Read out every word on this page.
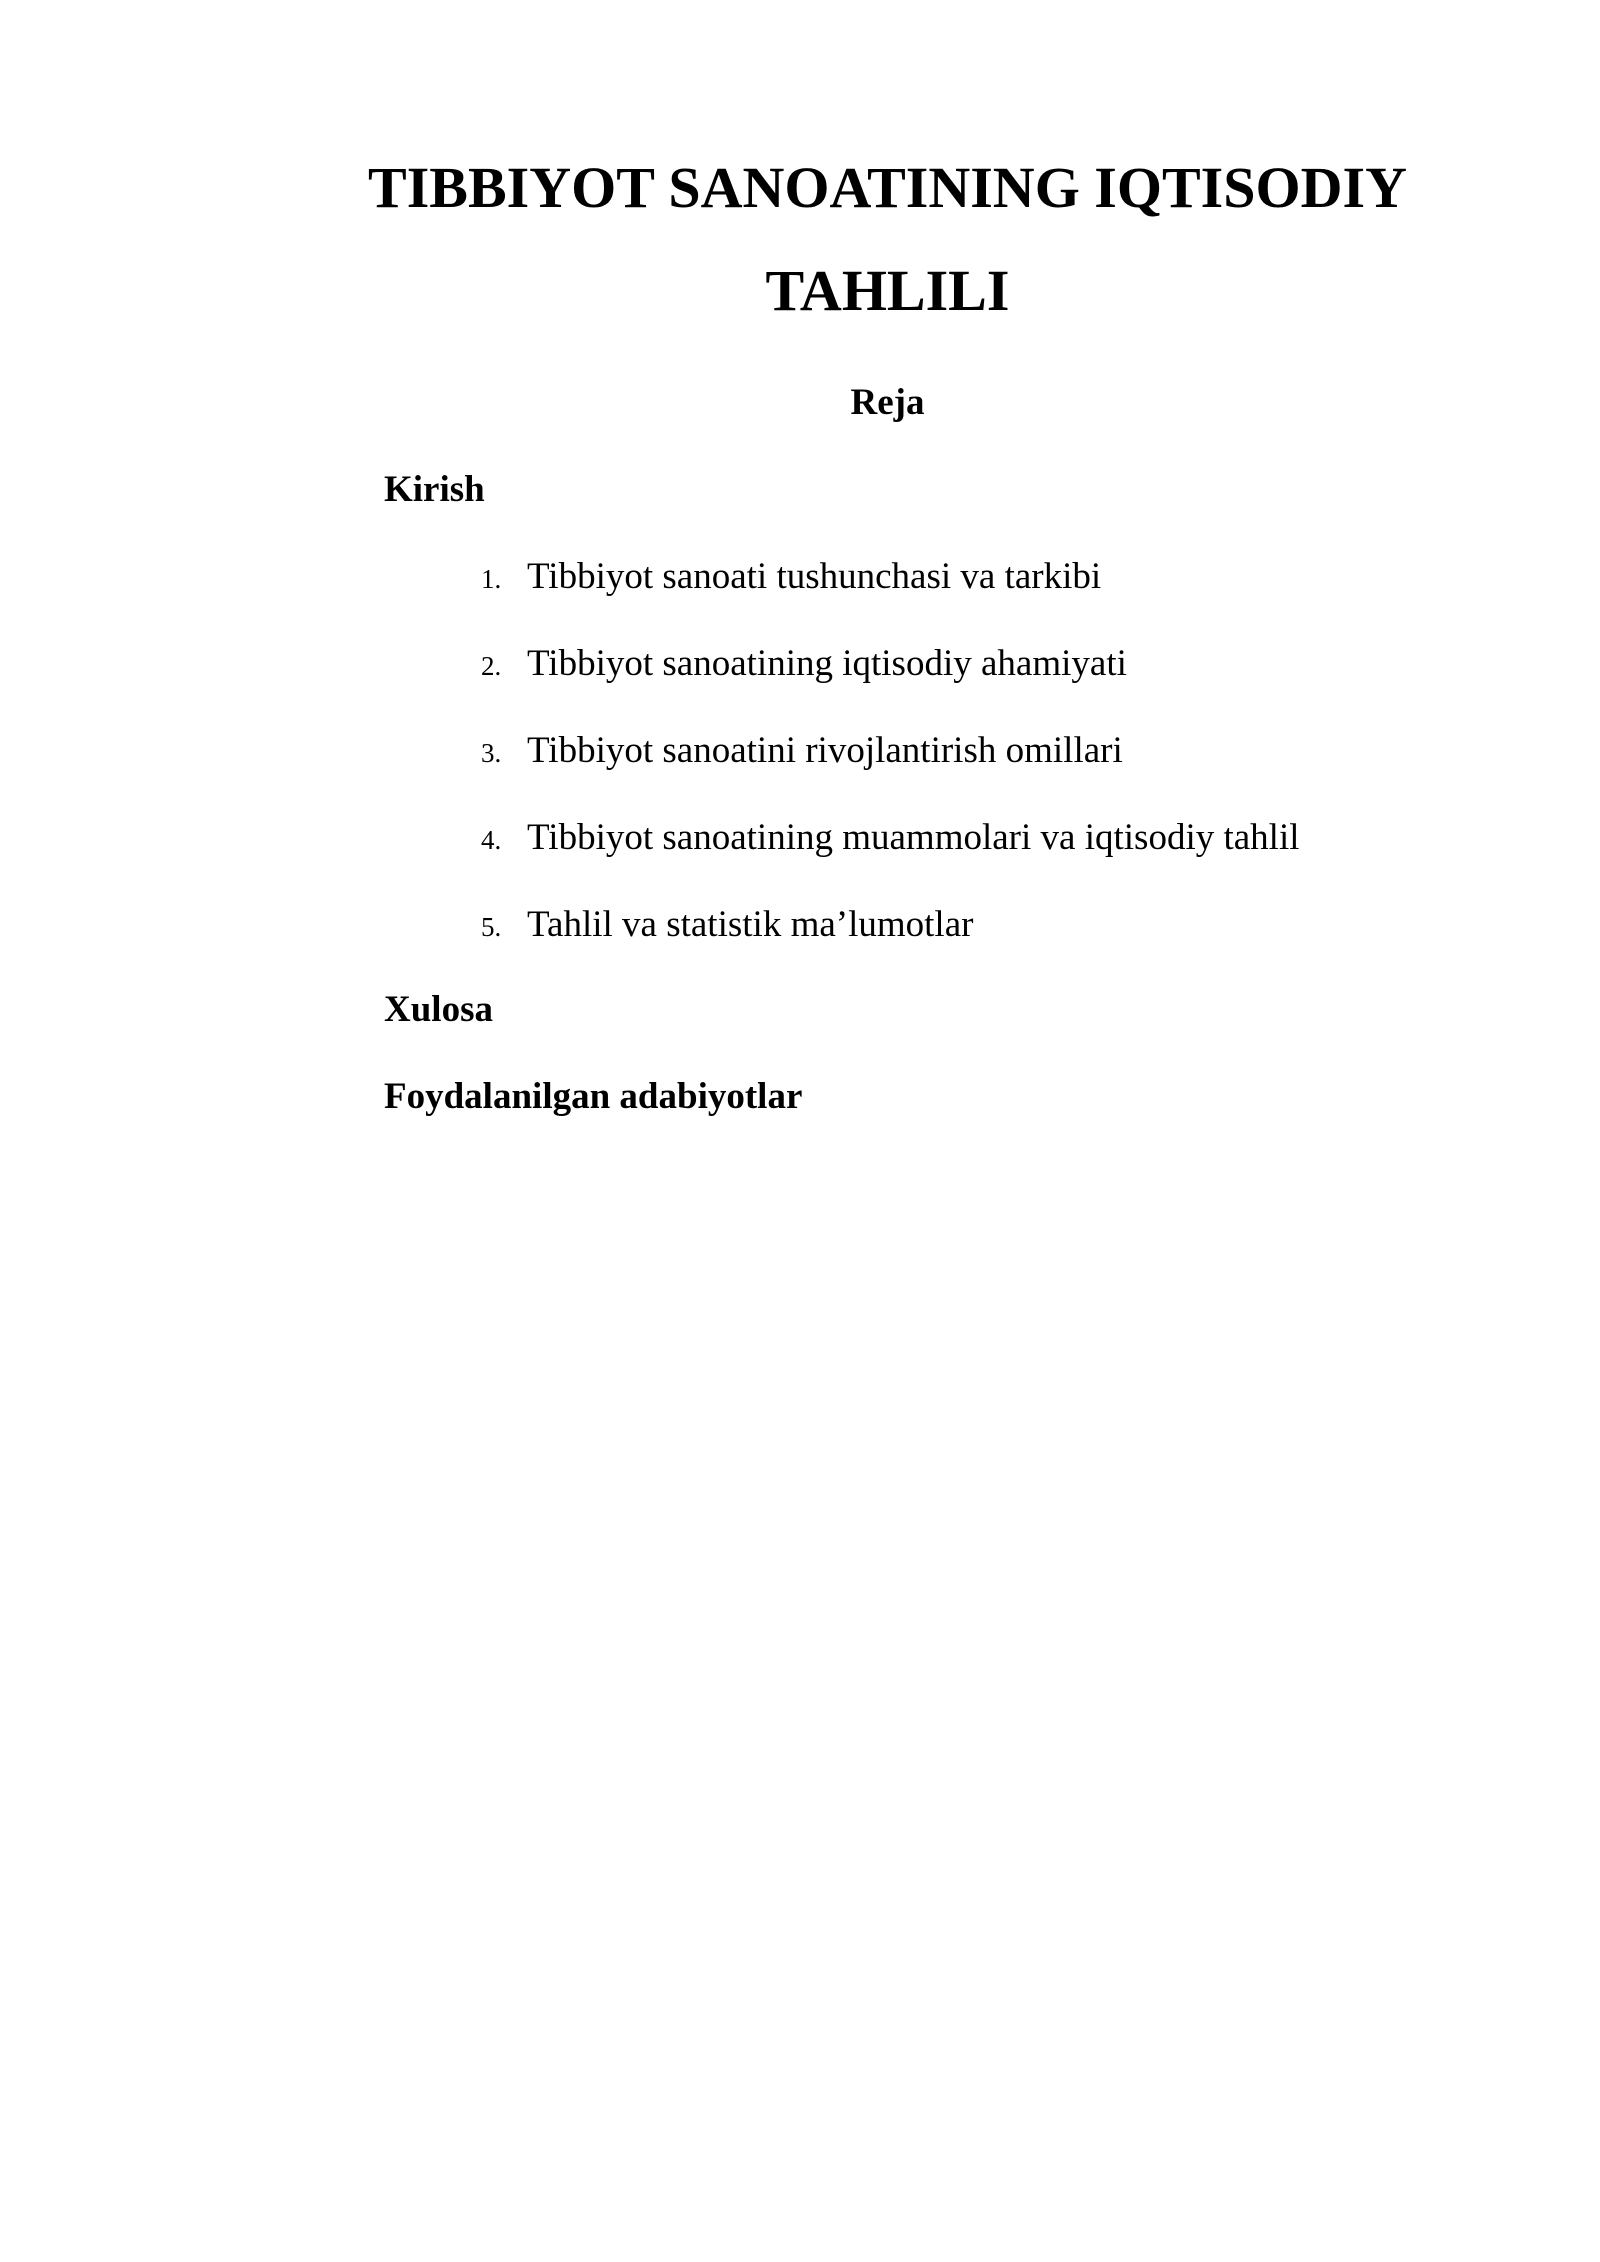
TIBBIYOT SANOATINING IQTISODIY
TAHLILI
Reja
Kirish
1. Tibbiyot sanoati tushunchasi va tarkibi
2. Tibbiyot sanoatining iqtisodiy ahamiyati
3. Tibbiyot sanoatini rivojlantirish omillari
4. Tibbiyot sanoatining muammolari va iqtisodiy tahlil
5. Tahlil va statistik ma’lumotlar
Xulosa
Foydalanilgan adabiyotlar
